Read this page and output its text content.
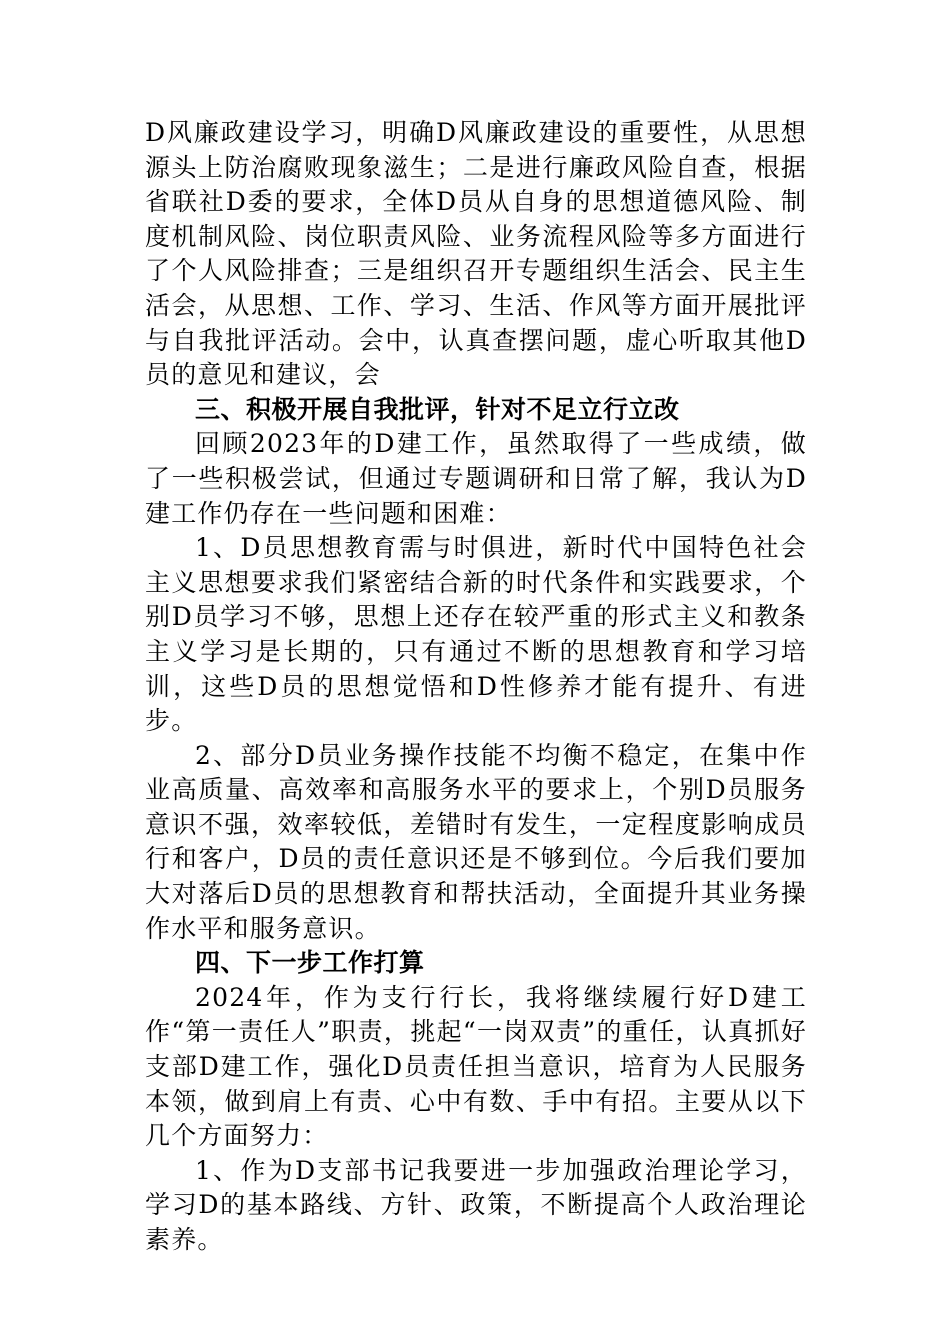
D风廉政建设学习，明确D风廉政建设的重要性，从思想源头上防治腐败现象滋生；二是进行廉政风险自查，根据省联社D委的要求，全体D员从自身的思想道德风险、制度机制风险、岗位职责风险、业务流程风险等多方面进行了个人风险排查；三是组织召开专题组织生活会、民主生活会，从思想、工作、学习、生活、作风等方面开展批评与自我批评活动。会中，认真查摆问题，虚心听取其他D员的意见和建议，会

三、积极开展自我批评，针对不足立行立改

回顾2023年的D建工作，虽然取得了一些成绩，做了一些积极尝试，但通过专题调研和日常了解，我认为D建工作仍存在一些问题和困难：

1、D员思想教育需与时俱进，新时代中国特色社会主义思想要求我们紧密结合新的时代条件和实践要求，个别D员学习不够，思想上还存在较严重的形式主义和教条主义学习是长期的，只有通过不断的思想教育和学习培训，这些D员的思想觉悟和D性修养才能有提升、有进步。

2、部分D员业务操作技能不均衡不稳定，在集中作业高质量、高效率和高服务水平的要求上，个别D员服务意识不强，效率较低，差错时有发生，一定程度影响成员行和客户，D员的责任意识还是不够到位。今后我们要加大对落后D员的思想教育和帮扶活动，全面提升其业务操作水平和服务意识。

四、下一步工作打算

2024年，作为支行行长，我将继续履行好D建工作“第一责任人”职责，挑起“一岗双责”的重任，认真抓好支部D建工作，强化D员责任担当意识，培育为人民服务本领，做到肩上有责、心中有数、手中有招。主要从以下几个方面努力：

1、作为D支部书记我要进一步加强政治理论学习，学习D的基本路线、方针、政策，不断提高个人政治理论素养。
